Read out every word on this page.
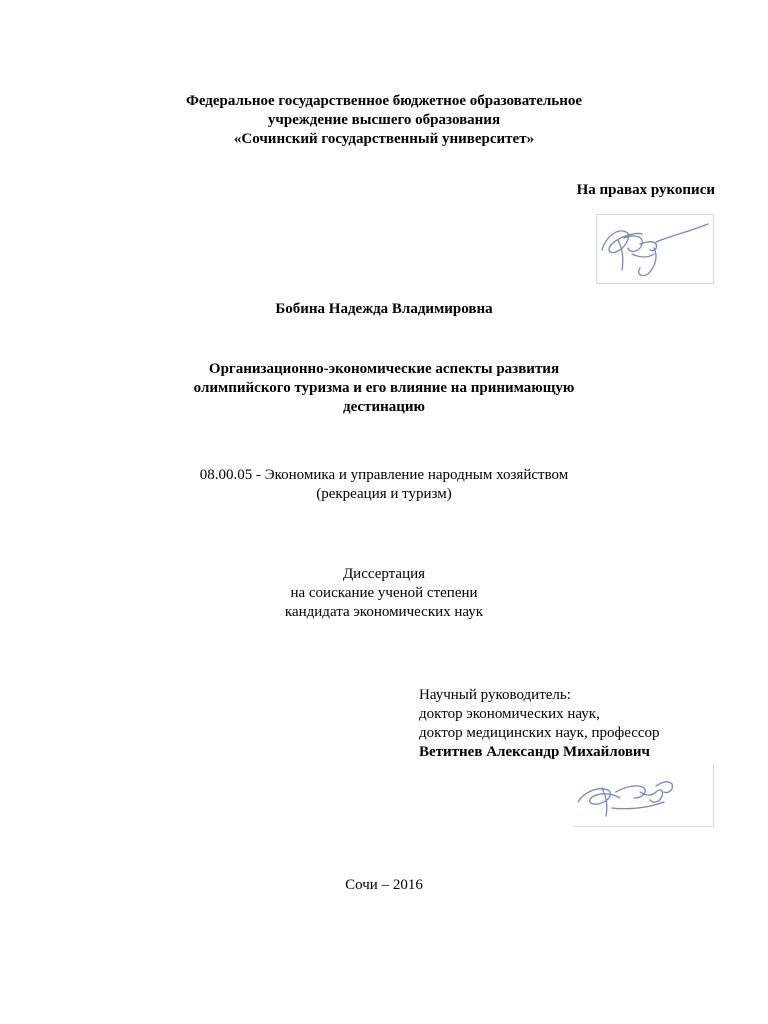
Федеральное государственное бюджетное образовательное
учреждение высшего образования
«Сочинский государственный университет»
На правах рукописи
Бобина Надежда Владимировна
Организационно-экономические аспекты развития
олимпийского туризма и его влияние на принимающую
дестинацию
08.00.05 - Экономика и управление народным хозяйством
(рекреация и туризм)
Диссертация
на соискание ученой степени
кандидата экономических наук
Научный руководитель:
доктор экономических наук,
доктор медицинских наук, профессор
Ветитнев Александр Михайлович
Сочи – 2016
